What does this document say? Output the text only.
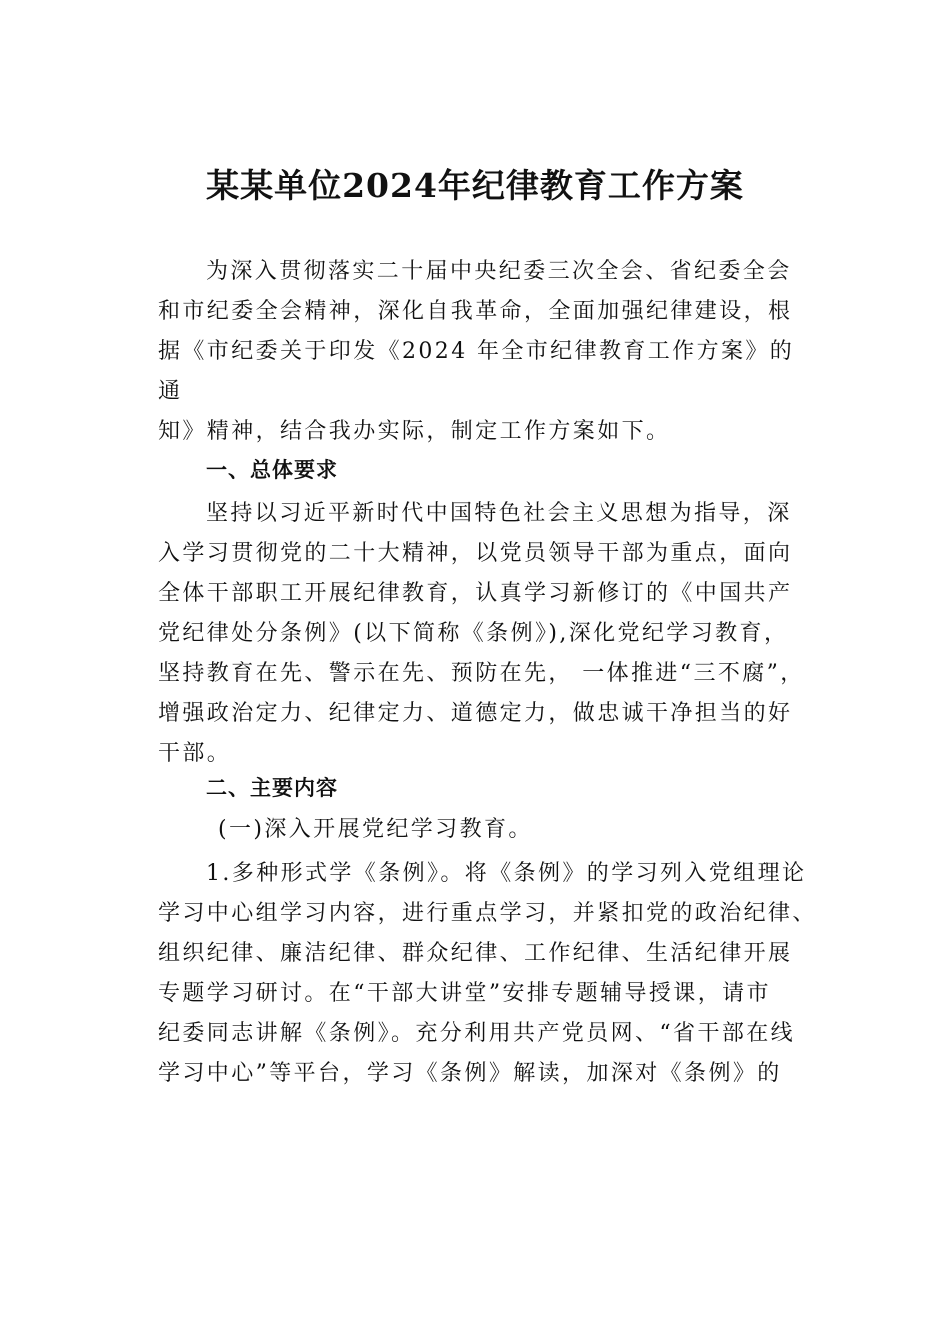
某某单位2024年纪律教育工作方案
为深入贯彻落实二十届中央纪委三次全会、省纪委全会
和市纪委全会精神，深化自我革命，全面加强纪律建设，根
据《市纪委关于印发《2024 年全市纪律教育工作方案》的
通
知》精神，结合我办实际，制定工作方案如下。
一、总体要求
坚持以习近平新时代中国特色社会主义思想为指导，深
入学习贯彻党的二十大精神，以党员领导干部为重点，面向
全体干部职工开展纪律教育，认真学习新修订的《中国共产
党纪律处分条例》(以下简称《条例》),深化党纪学习教育，
坚持教育在先、警示在先、预防在先， 一体推进“三不腐”，
增强政治定力、纪律定力、道德定力，做忠诚干净担当的好
干部。
二、主要内容
(一)深入开展党纪学习教育。
1.多种形式学《条例》。将《条例》的学习列入党组理论
学习中心组学习内容，进行重点学习，并紧扣党的政治纪律、
组织纪律、廉洁纪律、群众纪律、工作纪律、生活纪律开展
专题学习研讨。在“干部大讲堂”安排专题辅导授课，请市
纪委同志讲解《条例》。充分利用共产党员网、“省干部在线
学习中心”等平台，学习《条例》解读，加深对《条例》的
